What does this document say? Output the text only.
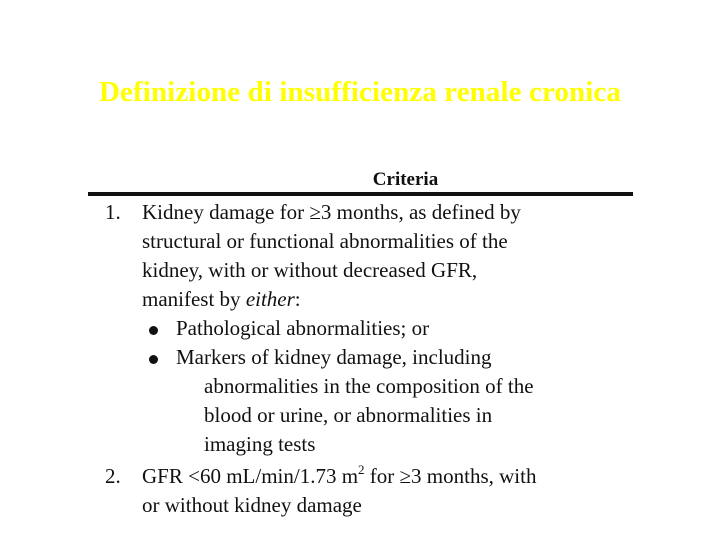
Definizione di insufficienza renale cronica
Criteria
1. Kidney damage for ≥3 months, as defined by
structural or functional abnormalities of the
kidney, with or without decreased GFR,
manifest by either:
Pathological abnormalities; or
Markers of kidney damage, including
abnormalities in the composition of the
blood or urine, or abnormalities in
imaging tests
2. GFR <60 mL/min/1.73 $m^2$ for ≥3 months, with
or without kidney damage
